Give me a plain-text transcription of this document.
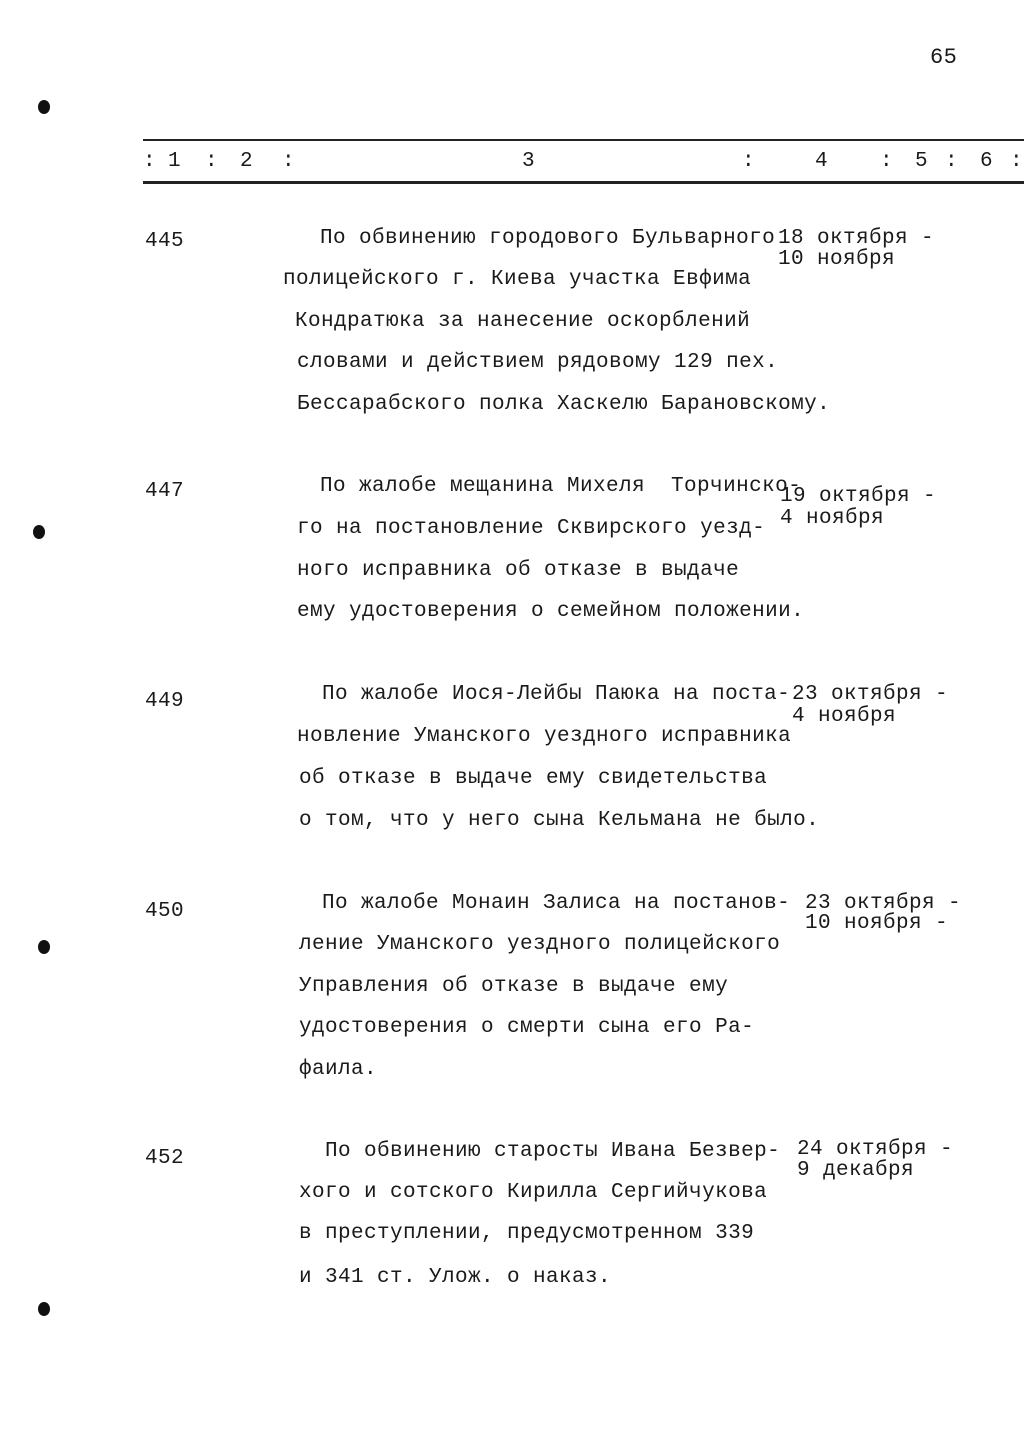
65
: 1 : 2 :	3	:	4 : 5 : 6 :
445	По обвинению городового Бульварного
полицейского г. Киева участка Евфима
Кондратюка за нанесение оскорблений
словами и действием рядовому 129 пех.
Бессарабского полка Хаскелю Барановскому.
18 октября -
10 ноября
447	По жалобе мещанина Михеля  Торчинско-
го на постановление Сквирского уезд-
ного исправника об отказе в выдаче
ему удостоверения о семейном положении.
19 октября -
4 ноября
449	По жалобе Иося-Лейбы Паюка на поста-
новление Уманского уездного исправника
об отказе в выдаче ему свидетельства
о том, что у него сына Кельмана не было.
23 октября -
4 ноября
450	По жалобе Монаин Залиса на постанов-
ление Уманского уездного полицейского
Управления об отказе в выдаче ему
удостоверения о смерти сына его Ра-
фаила.
23 октября -
10 ноября -
452	По обвинению старосты Ивана Безвер-
хого и сотского Кирилла Сергийчукова
в преступлении, предусмотренном 339
и 341 ст. Улож. о наказ.
24 октября -
9 декабря
